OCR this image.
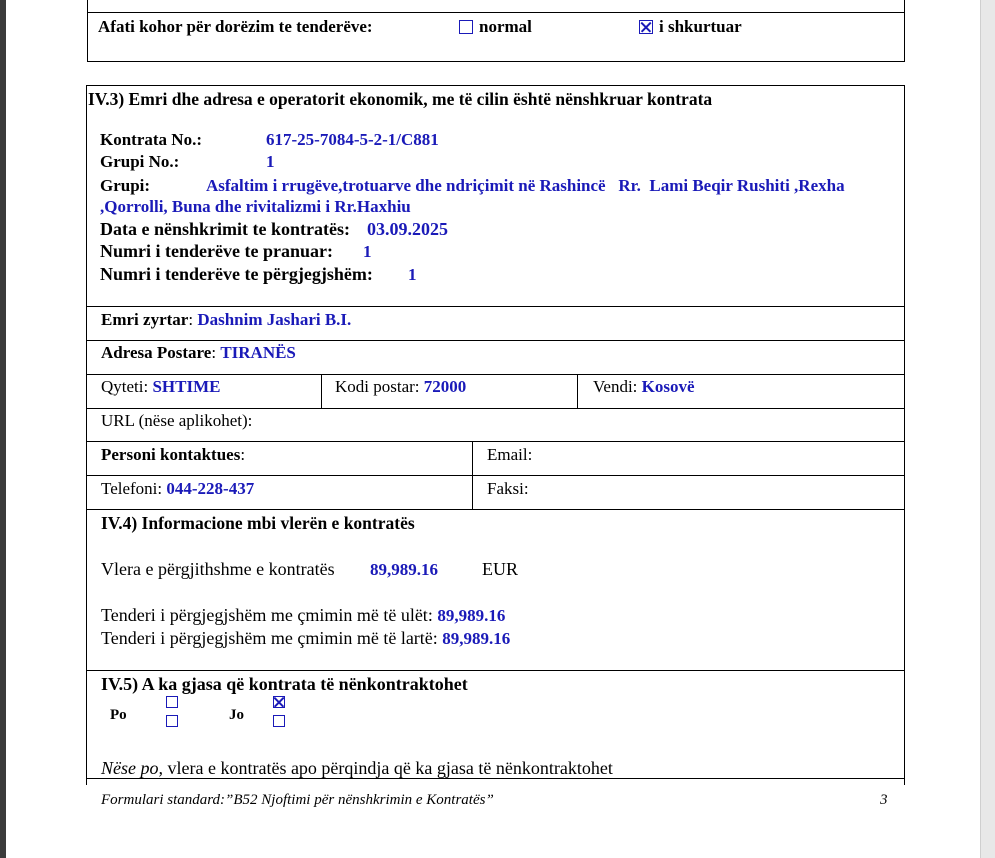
Afati kohor për dorëzim te tenderëve:	normal	i shkurtuar
IV.3) Emri dhe adresa e operatorit ekonomik, me të cilin është nënshkruar kontrata
Kontrata No.:	617-25-7084-5-2-1/C881
Grupi No.:	1
Grupi:	Asfaltim i rrugëve,trotuarve dhe ndriçimit në Rashincë   Rr.  Lami Beqir Rushiti ,Rexha
,Qorrolli, Buna dhe rivitalizmi i Rr.Haxhiu
Data e nënshkrimit te kontratës: 03.09.2025
Numri i tenderëve te pranuar: 1
Numri i tenderëve te përgjegjshëm: 1
Emri zyrtar: Dashnim Jashari B.I.
Adresa Postare: TIRANËS
Qyteti: SHTIME	Kodi postar: 72000	Vendi: Kosovë
URL (nëse aplikohet):
Personi kontaktues:	Email:
Telefoni: 044-228-437	Faksi:
IV.4) Informacione mbi vlerën e kontratës
Vlera e përgjithshme e kontratës 89,989.16 EUR
Tenderi i përgjegjshëm me çmimin më të ulët: 89,989.16
Tenderi i përgjegjshëm me çmimin më të lartë: 89,989.16
IV.5) A ka gjasa që kontrata të nënkontraktohet
Po	Jo
Nëse po, vlera e kontratës apo përqindja që ka gjasa të nënkontraktohet
Formulari standard:”B52 Njoftimi për nënshkrimin e Kontratës”	3
